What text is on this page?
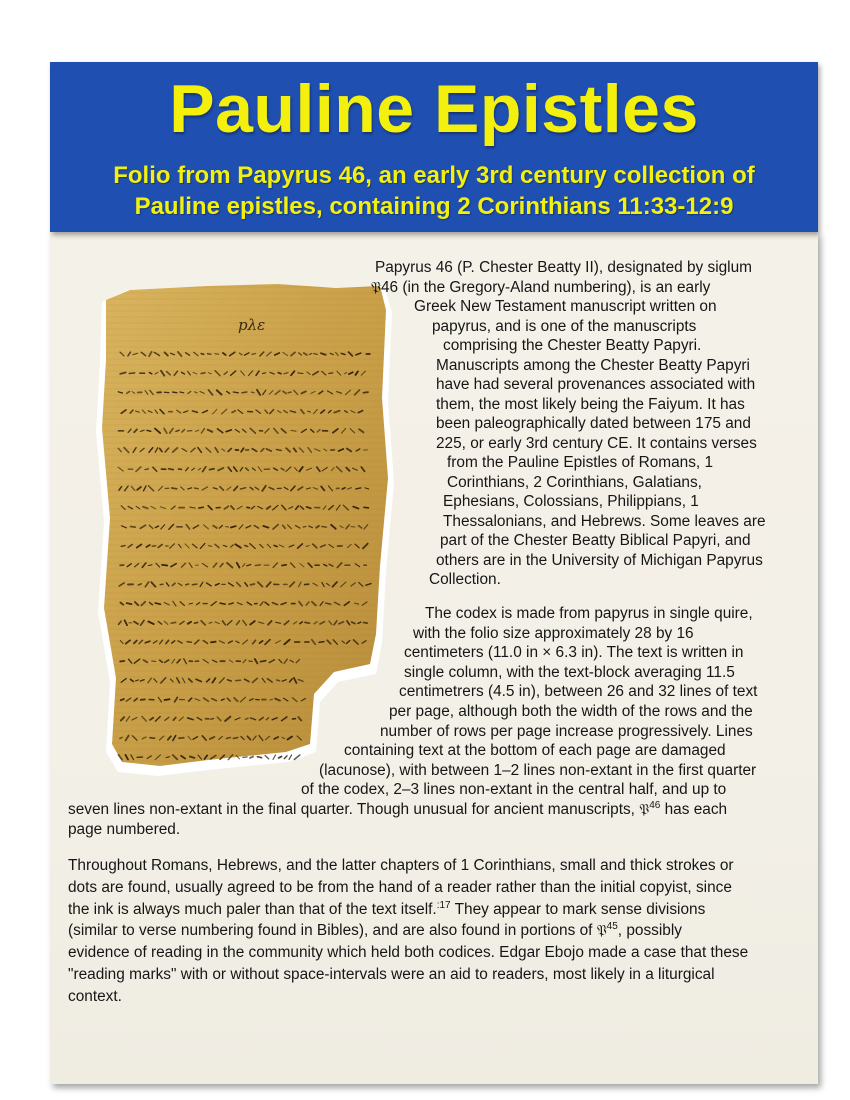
Pauline Epistles
Folio from Papyrus 46, an early 3rd century collection of
Pauline epistles, containing 2 Corinthians 11:33-12:9
pλε
Papyrus 46 (P. Chester Beatty II), designated by siglum
𝔓46 (in the Gregory-Aland numbering), is an early
Greek New Testament manuscript written on
papyrus, and is one of the manuscripts
comprising the Chester Beatty Papyri.
Manuscripts among the Chester Beatty Papyri
have had several provenances associated with
them, the most likely being the Faiyum. It has
been paleographically dated between 175 and
225, or early 3rd century CE. It contains verses
from the Pauline Epistles of Romans, 1
Corinthians, 2 Corinthians, Galatians,
Ephesians, Colossians, Philippians, 1
Thessalonians, and Hebrews. Some leaves are
part of the Chester Beatty Biblical Papyri, and
others are in the University of Michigan Papyrus
Collection.
The codex is made from papyrus in single quire,
with the folio size approximately 28 by 16
centimeters (11.0 in × 6.3 in). The text is written in
single column, with the text-block averaging 11.5
centimetrers (4.5 in), between 26 and 32 lines of text
per page, although both the width of the rows and the
number of rows per page increase progressively. Lines
containing text at the bottom of each page are damaged
(lacunose), with between 1–2 lines non-extant in the first quarter
of the codex, 2–3 lines non-extant in the central half, and up to
seven lines non-extant in the final quarter. Though unusual for ancient manuscripts, 𝔓$^{46}$ has each
page numbered.
Throughout Romans, Hebrews, and the latter chapters of 1 Corinthians, small and thick strokes or
dots are found, usually agreed to be from the hand of a reader rather than the initial copyist, since
the ink is always much paler than that of the text itself.$^{:17}$ They appear to mark sense divisions
(similar to verse numbering found in Bibles), and are also found in portions of 𝔓$^{45}$, possibly
evidence of reading in the community which held both codices. Edgar Ebojo made a case that these
"reading marks" with or without space-intervals were an aid to readers, most likely in a liturgical
context.
